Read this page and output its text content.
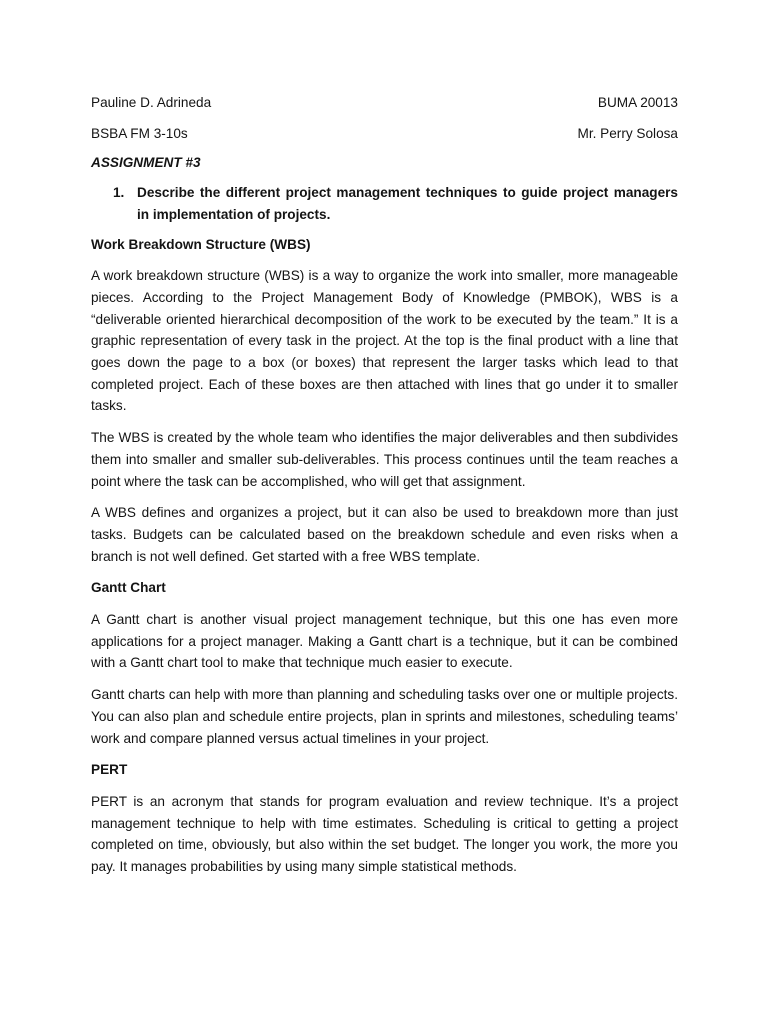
Pauline D. Adrineda	BUMA 20013
BSBA FM 3-10s	Mr. Perry Solosa
ASSIGNMENT #3
1. Describe the different project management techniques to guide project managers in implementation of projects.
Work Breakdown Structure (WBS)

A work breakdown structure (WBS) is a way to organize the work into smaller, more manageable pieces. According to the Project Management Body of Knowledge (PMBOK), WBS is a “deliverable oriented hierarchical decomposition of the work to be executed by the team.” It is a graphic representation of every task in the project. At the top is the final product with a line that goes down the page to a box (or boxes) that represent the larger tasks which lead to that completed project. Each of these boxes are then attached with lines that go under it to smaller tasks.

The WBS is created by the whole team who identifies the major deliverables and then subdivides them into smaller and smaller sub-deliverables. This process continues until the team reaches a point where the task can be accomplished, who will get that assignment.

A WBS defines and organizes a project, but it can also be used to breakdown more than just tasks. Budgets can be calculated based on the breakdown schedule and even risks when a branch is not well defined. Get started with a free WBS template.

Gantt Chart

A Gantt chart is another visual project management technique, but this one has even more applications for a project manager. Making a Gantt chart is a technique, but it can be combined with a Gantt chart tool to make that technique much easier to execute.

Gantt charts can help with more than planning and scheduling tasks over one or multiple projects. You can also plan and schedule entire projects, plan in sprints and milestones, scheduling teams’ work and compare planned versus actual timelines in your project.

PERT

PERT is an acronym that stands for program evaluation and review technique. It’s a project management technique to help with time estimates. Scheduling is critical to getting a project completed on time, obviously, but also within the set budget. The longer you work, the more you pay. It manages probabilities by using many simple statistical methods.
